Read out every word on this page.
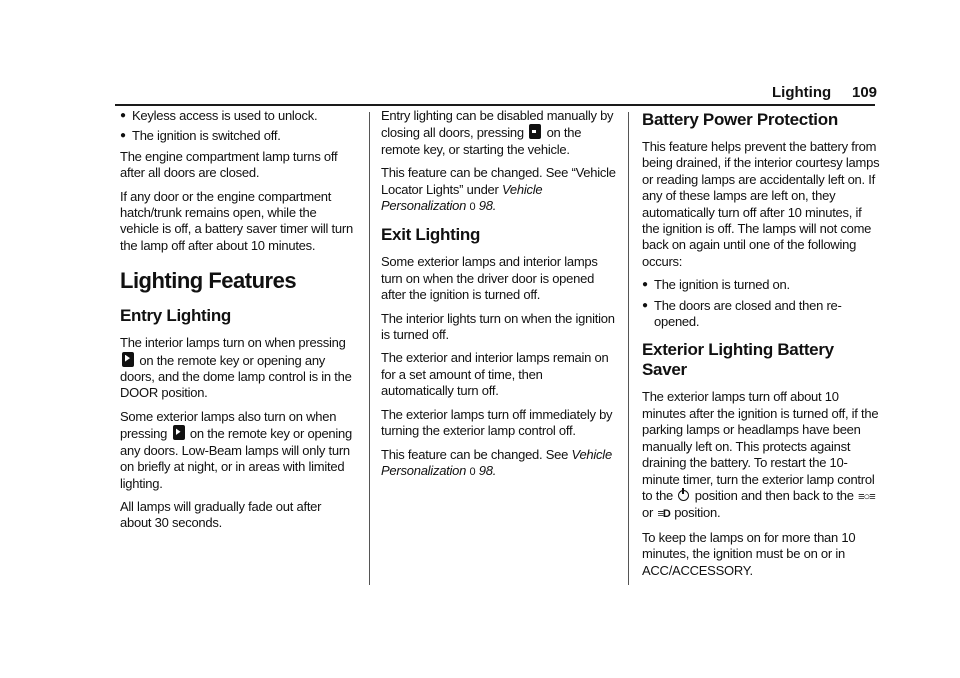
Lighting 109
● Keyless access is used to unlock.
● The ignition is switched off.

The engine compartment lamp turns off after all doors are closed.

If any door or the engine compartment hatch/trunk remains open, while the vehicle is off, a battery saver timer will turn the lamp off after about 10 minutes.

Lighting Features
Entry Lighting

The interior lamps turn on when pressing  on the remote key or opening any doors, and the dome lamp control is in the DOOR position.

Some exterior lamps also turn on when pressing on the remote key or opening any doors. Low-Beam lamps will only turn on briefly at night, or in areas with limited lighting.

All lamps will gradually fade out after about 30 seconds.

Entry lighting can be disabled manually by closing all doors, pressing on the remote key, or starting the vehicle.

This feature can be changed. See “Vehicle Locator Lights” under Vehicle Personalization 0 98.

Exit Lighting

Some exterior lamps and interior lamps turn on when the driver door is opened after the ignition is turned off.

The interior lights turn on when the ignition is turned off.

The exterior and interior lamps remain on for a set amount of time, then automatically turn off.

The exterior lamps turn off immediately by turning the exterior lamp control off.

This feature can be changed. See Vehicle Personalization 0 98.

Battery Power Protection

This feature helps prevent the battery from being drained, if the interior courtesy lamps or reading lamps are accidentally left on. If any of these lamps are left on, they automatically turn off after 10 minutes, if the ignition is off. The lamps will not come back on again until one of the following occurs:

● The ignition is turned on.
● The doors are closed and then re-opened.
Exterior Lighting Battery Saver

The exterior lamps turn off about 10 minutes after the ignition is turned off, if the parking lamps or headlamps have been manually left on. This protects against draining the battery. To restart the 10-minute timer, turn the exterior lamp control to the position and then back to the ≡○≡ or ≡D position.

To keep the lamps on for more than 10 minutes, the ignition must be on or in ACC/ACCESSORY.
